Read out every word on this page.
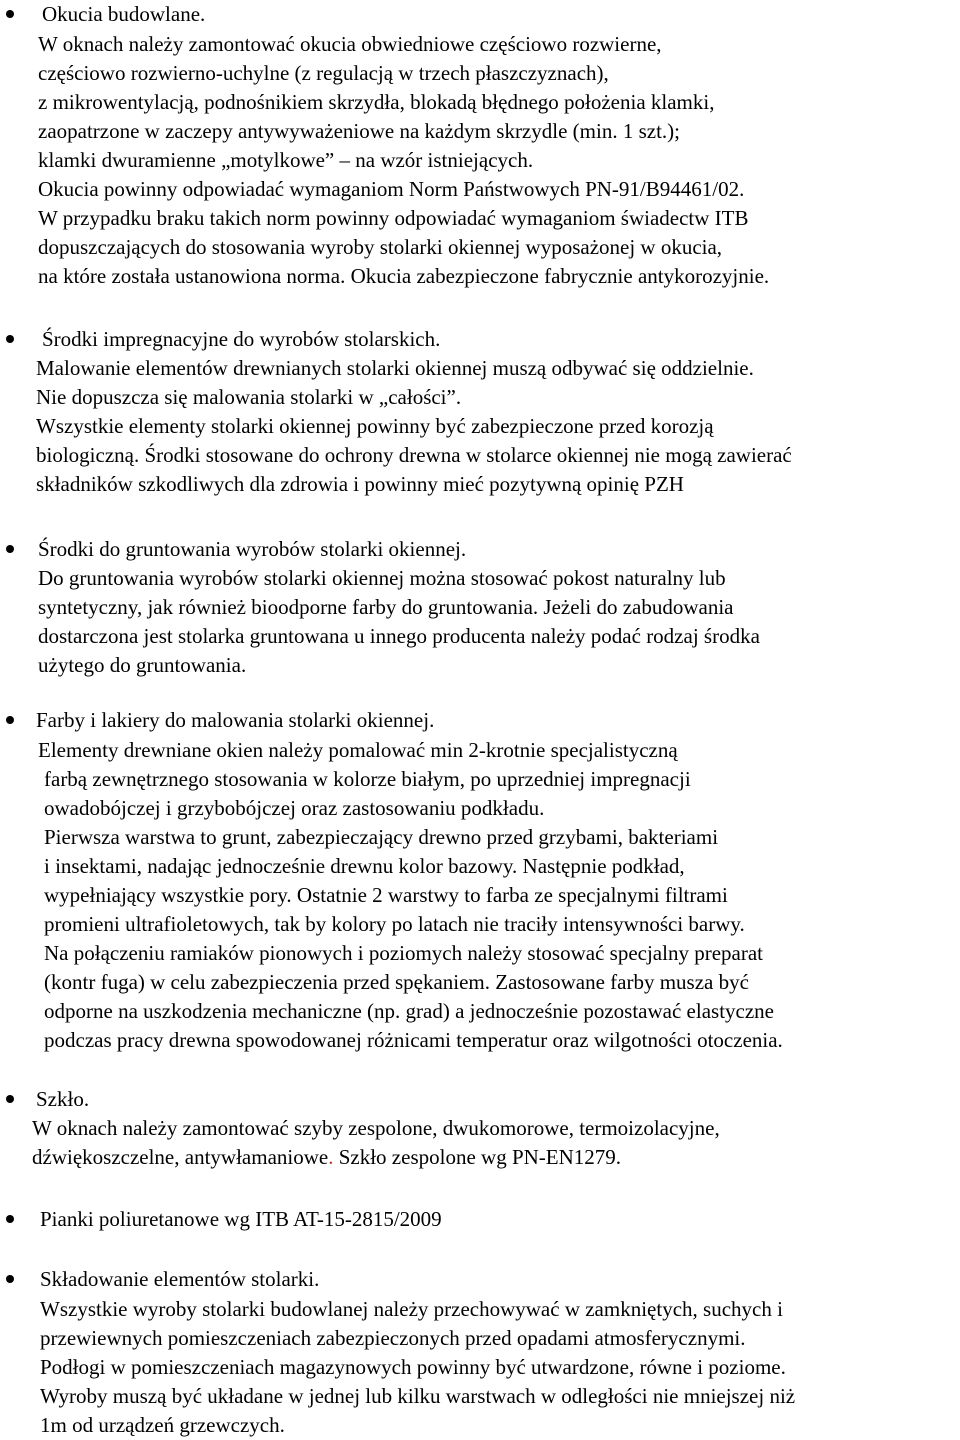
Okucia budowlane.
W oknach należy zamontować okucia obwiedniowe częściowo rozwierne,
częściowo rozwierno-uchylne (z regulacją w trzech płaszczyznach),
z mikrowentylacją, podnośnikiem skrzydła, blokadą błędnego położenia klamki,
zaopatrzone w zaczepy antywyważeniowe na każdym skrzydle (min. 1 szt.);
klamki dwuramienne „motylkowe” – na wzór istniejących.
Okucia powinny odpowiadać wymaganiom Norm Państwowych PN-91/B94461/02.
W przypadku braku takich norm powinny odpowiadać wymaganiom świadectw ITB
dopuszczających do stosowania wyroby stolarki okiennej wyposażonej w okucia,
na które została ustanowiona norma. Okucia zabezpieczone fabrycznie antykorozyjnie.
Środki impregnacyjne do wyrobów stolarskich.
Malowanie elementów drewnianych stolarki okiennej muszą odbywać się oddzielnie.
Nie dopuszcza się malowania stolarki w „całości”.
Wszystkie elementy stolarki okiennej powinny być zabezpieczone przed korozją
biologiczną. Środki stosowane do ochrony drewna w stolarce okiennej nie mogą zawierać
składników szkodliwych dla zdrowia i powinny mieć pozytywną opinię PZH
Środki do gruntowania wyrobów stolarki okiennej.
Do gruntowania wyrobów stolarki okiennej można stosować pokost naturalny lub
syntetyczny, jak również bioodporne farby do gruntowania. Jeżeli do zabudowania
dostarczona jest stolarka gruntowana u innego producenta należy podać rodzaj środka
użytego do gruntowania.
Farby i lakiery do malowania stolarki okiennej.
Elementy drewniane okien należy pomalować min 2-krotnie specjalistyczną
farbą zewnętrznego stosowania w kolorze białym, po uprzedniej impregnacji
owadobójczej i grzybobójczej oraz zastosowaniu podkładu.
Pierwsza warstwa to grunt, zabezpieczający drewno przed grzybami, bakteriami
i insektami, nadając jednocześnie drewnu kolor bazowy. Następnie podkład,
wypełniający wszystkie pory. Ostatnie 2 warstwy to farba ze specjalnymi filtrami
promieni ultrafioletowych, tak by kolory po latach nie traciły intensywności barwy.
Na połączeniu ramiaków pionowych i poziomych należy stosować specjalny preparat
(kontr fuga) w celu zabezpieczenia przed spękaniem. Zastosowane farby musza być
odporne na uszkodzenia mechaniczne (np. grad) a jednocześnie pozostawać elastyczne
podczas pracy drewna spowodowanej różnicami temperatur oraz wilgotności otoczenia.
Szkło.
W oknach należy zamontować szyby zespolone, dwukomorowe, termoizolacyjne,
dźwiękoszczelne, antywłamaniowe. Szkło zespolone wg PN-EN1279.
Pianki poliuretanowe wg ITB AT-15-2815/2009
Składowanie elementów stolarki.
Wszystkie wyroby stolarki budowlanej należy przechowywać w zamkniętych, suchych i
przewiewnych pomieszczeniach zabezpieczonych przed opadami atmosferycznymi.
Podłogi w pomieszczeniach magazynowych powinny być utwardzone, równe i poziome.
Wyroby muszą być układane w jednej lub kilku warstwach w odległości nie mniejszej niż
1m od urządzeń grzewczych.
